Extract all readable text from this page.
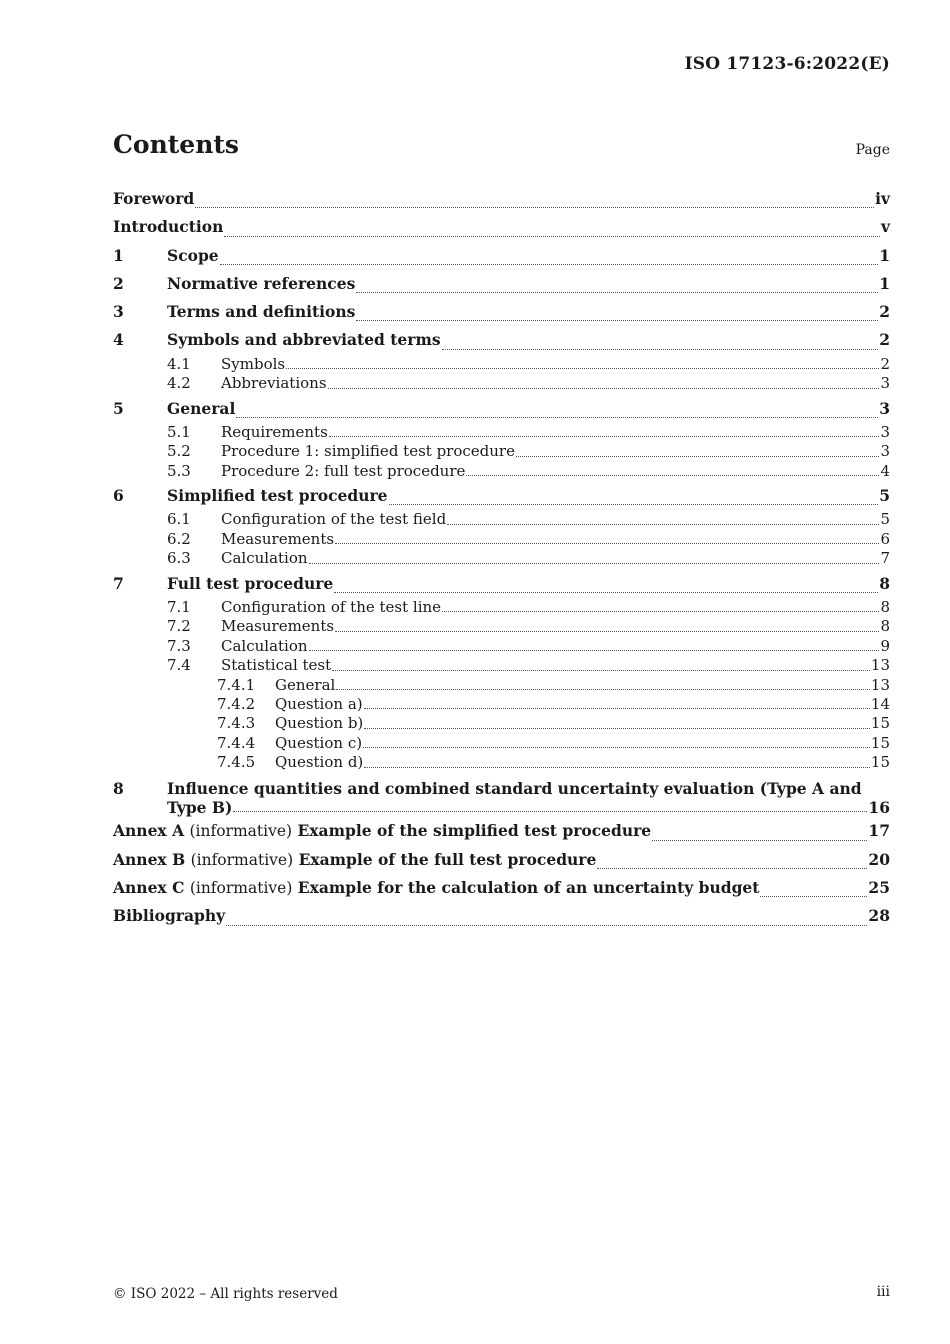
ISO 17123-6:2022(E)
Contents	Page
Foreword	iv
Introduction	v
1	Scope	1
2	Normative references	1
3	Terms and definitions	2
4	Symbols and abbreviated terms	2
4.1	Symbols	2
4.2	Abbreviations	3
5	General	3
5.1	Requirements	3
5.2	Procedure 1: simplified test procedure	3
5.3	Procedure 2: full test procedure	4
6	Simplified test procedure	5
6.1	Configuration of the test field	5
6.2	Measurements	6
6.3	Calculation	7
7	Full test procedure	8
7.1	Configuration of the test line	8
7.2	Measurements	8
7.3	Calculation	9
7.4	Statistical test	13
7.4.1	General	13
7.4.2	Question a)	14
7.4.3	Question b)	15
7.4.4	Question c)	15
7.4.5	Question d)	15
8	Influence quantities and combined standard uncertainty evaluation (Type A and
Type B)	16
Annex A (informative) Example of the simplified test procedure	17
Annex B (informative) Example of the full test procedure	20
Annex C (informative) Example for the calculation of an uncertainty budget	25
Bibliography	28
© ISO 2022 – All rights reserved	iii
